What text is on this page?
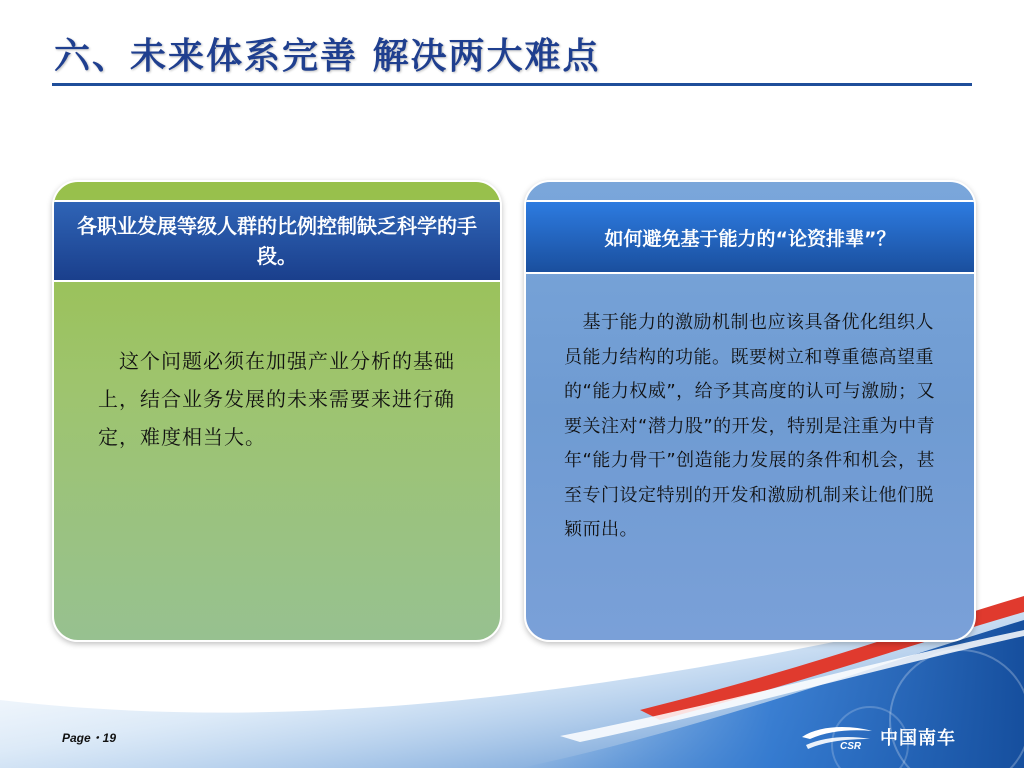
六、未来体系完善 解决两大难点
各职业发展等级人群的比例控制缺乏科学的手段。

　这个问题必须在加强产业分析的基础上，结合业务发展的未来需要来进行确定，难度相当大。

如何避免基于能力的“论资排辈”？

　基于能力的激励机制也应该具备优化组织人员能力结构的功能。既要树立和尊重德高望重的“能力权威”，给予其高度的认可与激励；又要关注对“潜力股”的开发，特别是注重为中青年“能力骨干”创造能力发展的条件和机会，甚至专门设定特别的开发和激励机制来让他们脱颖而出。

Page・19
CSR 中国南车
